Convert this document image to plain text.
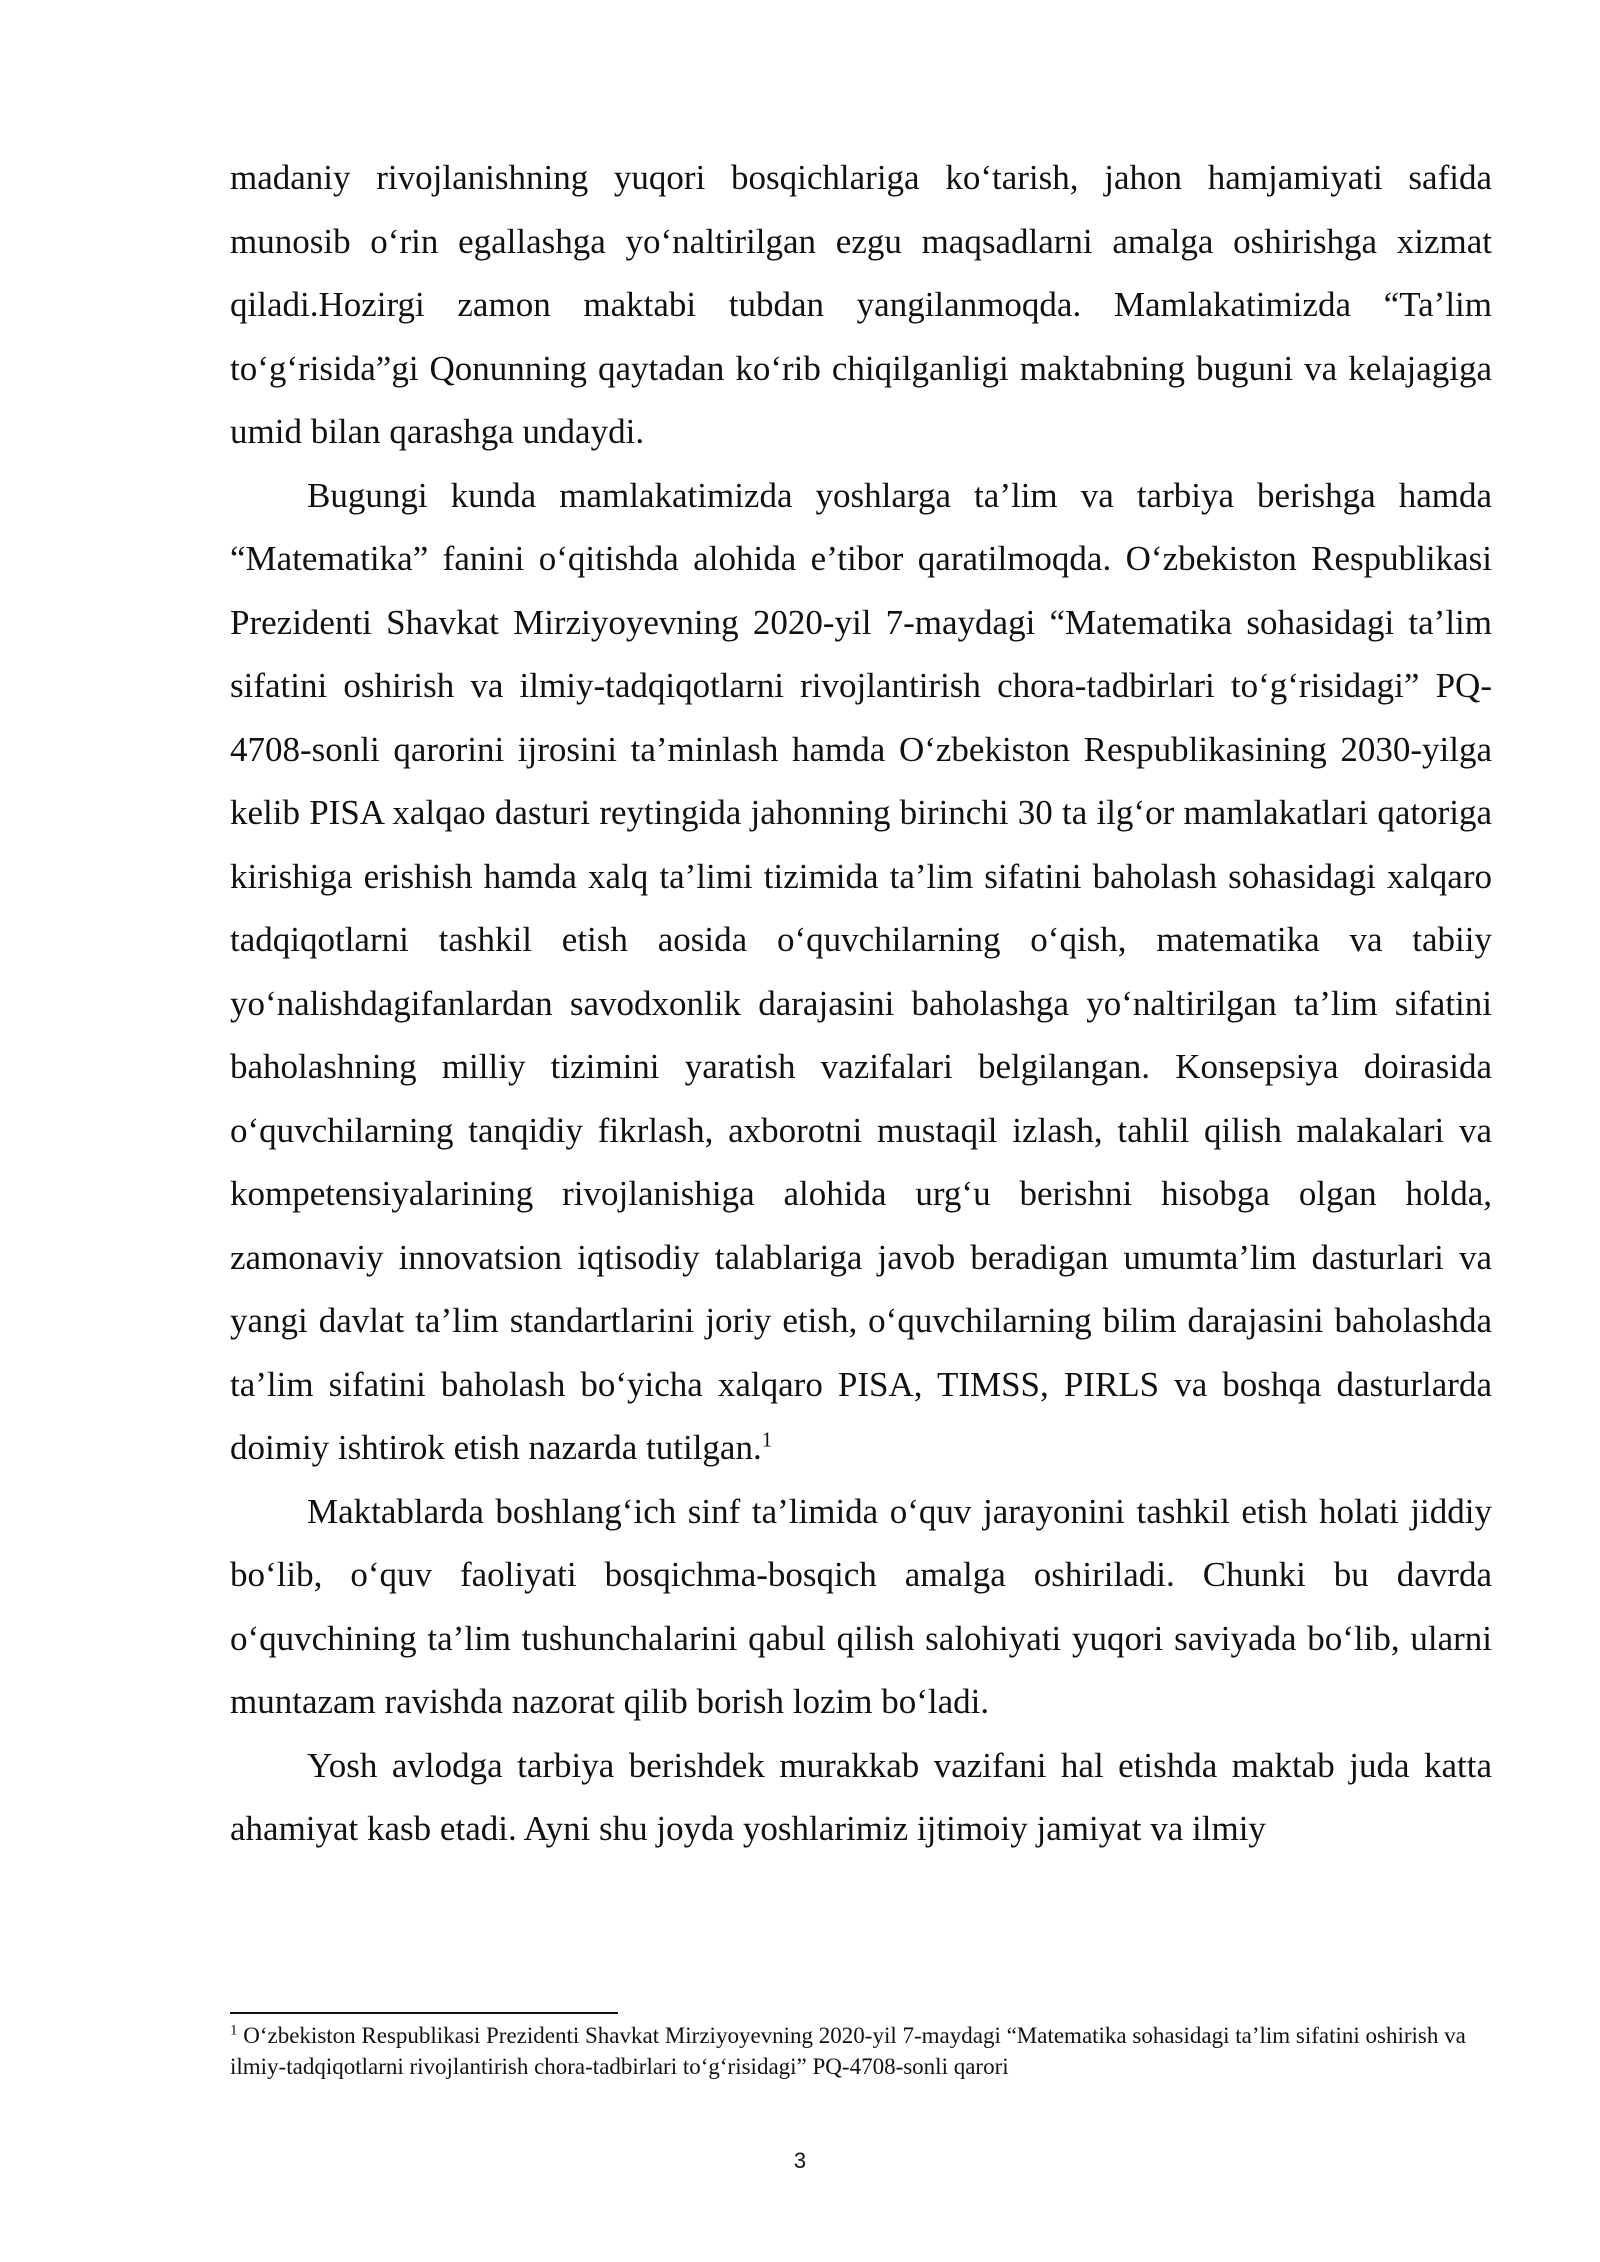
madaniy rivojlanishning yuqori bosqichlariga ko‘tarish, jahon hamjamiyati safida munosib o‘rin egallashga yo‘naltirilgan ezgu maqsadlarni amalga oshirishga xizmat qiladi.Hozirgi zamon maktabi tubdan yangilanmoqda. Mamlakatimizda “Ta’lim to‘g‘risida”gi Qonunning qaytadan ko‘rib chiqilganligi maktabning buguni va kelajagiga umid bilan qarashga undaydi.

Bugungi kunda mamlakatimizda yoshlarga ta’lim va tarbiya berishga hamda “Matematika” fanini o‘qitishda alohida e’tibor qaratilmoqda. O‘zbekiston Respublikasi Prezidenti Shavkat Mirziyoyevning 2020-yil 7-maydagi “Matematika sohasidagi ta’lim sifatini oshirish va ilmiy-tadqiqotlarni rivojlantirish chora-tadbirlari to‘g‘risidagi” PQ-4708-sonli qarorini ijrosini ta’minlash hamda O‘zbekiston Respublikasining 2030-yilga kelib PISA xalqao dasturi reytingida jahonning birinchi 30 ta ilg‘or mamlakatlari qatoriga kirishiga erishish hamda xalq ta’limi tizimida ta’lim sifatini baholash sohasidagi xalqaro tadqiqotlarni tashkil etish aosida o‘quvchilarning o‘qish, matematika va tabiiy yo‘nalishdagifanlardan savodxonlik darajasini baholashga yo‘naltirilgan ta’lim sifatini baholashning milliy tizimini yaratish vazifalari belgilangan. Konsepsiya doirasida o‘quvchilarning tanqidiy fikrlash, axborotni mustaqil izlash, tahlil qilish malakalari va kompetensiyalarining rivojlanishiga alohida urg‘u berishni hisobga olgan holda, zamonaviy innovatsion iqtisodiy talablariga javob beradigan umumta’lim dasturlari va yangi davlat ta’lim standartlarini joriy etish, o‘quvchilarning bilim darajasini baholashda ta’lim sifatini baholash bo‘yicha xalqaro PISA, TIMSS, PIRLS va boshqa dasturlarda doimiy ishtirok etish nazarda tutilgan.$^1$

Maktablarda boshlang‘ich sinf ta’limida o‘quv jarayonini tashkil etish holati jiddiy bo‘lib, o‘quv faoliyati bosqichma-bosqich amalga oshiriladi. Chunki bu davrda o‘quvchining ta’lim tushunchalarini qabul qilish salohiyati yuqori saviyada bo‘lib, ularni muntazam ravishda nazorat qilib borish lozim bo‘ladi.

Yosh avlodga tarbiya berishdek murakkab vazifani hal etishda maktab juda katta ahamiyat kasb etadi. Ayni shu joyda yoshlarimiz ijtimoiy jamiyat va ilmiy

$^1$ O‘zbekiston Respublikasi Prezidenti Shavkat Mirziyoyevning 2020-yil 7-maydagi “Matematika sohasidagi ta’lim sifatini oshirish va ilmiy-tadqiqotlarni rivojlantirish chora-tadbirlari to‘g‘risidagi” PQ-4708-sonli qarori

3
